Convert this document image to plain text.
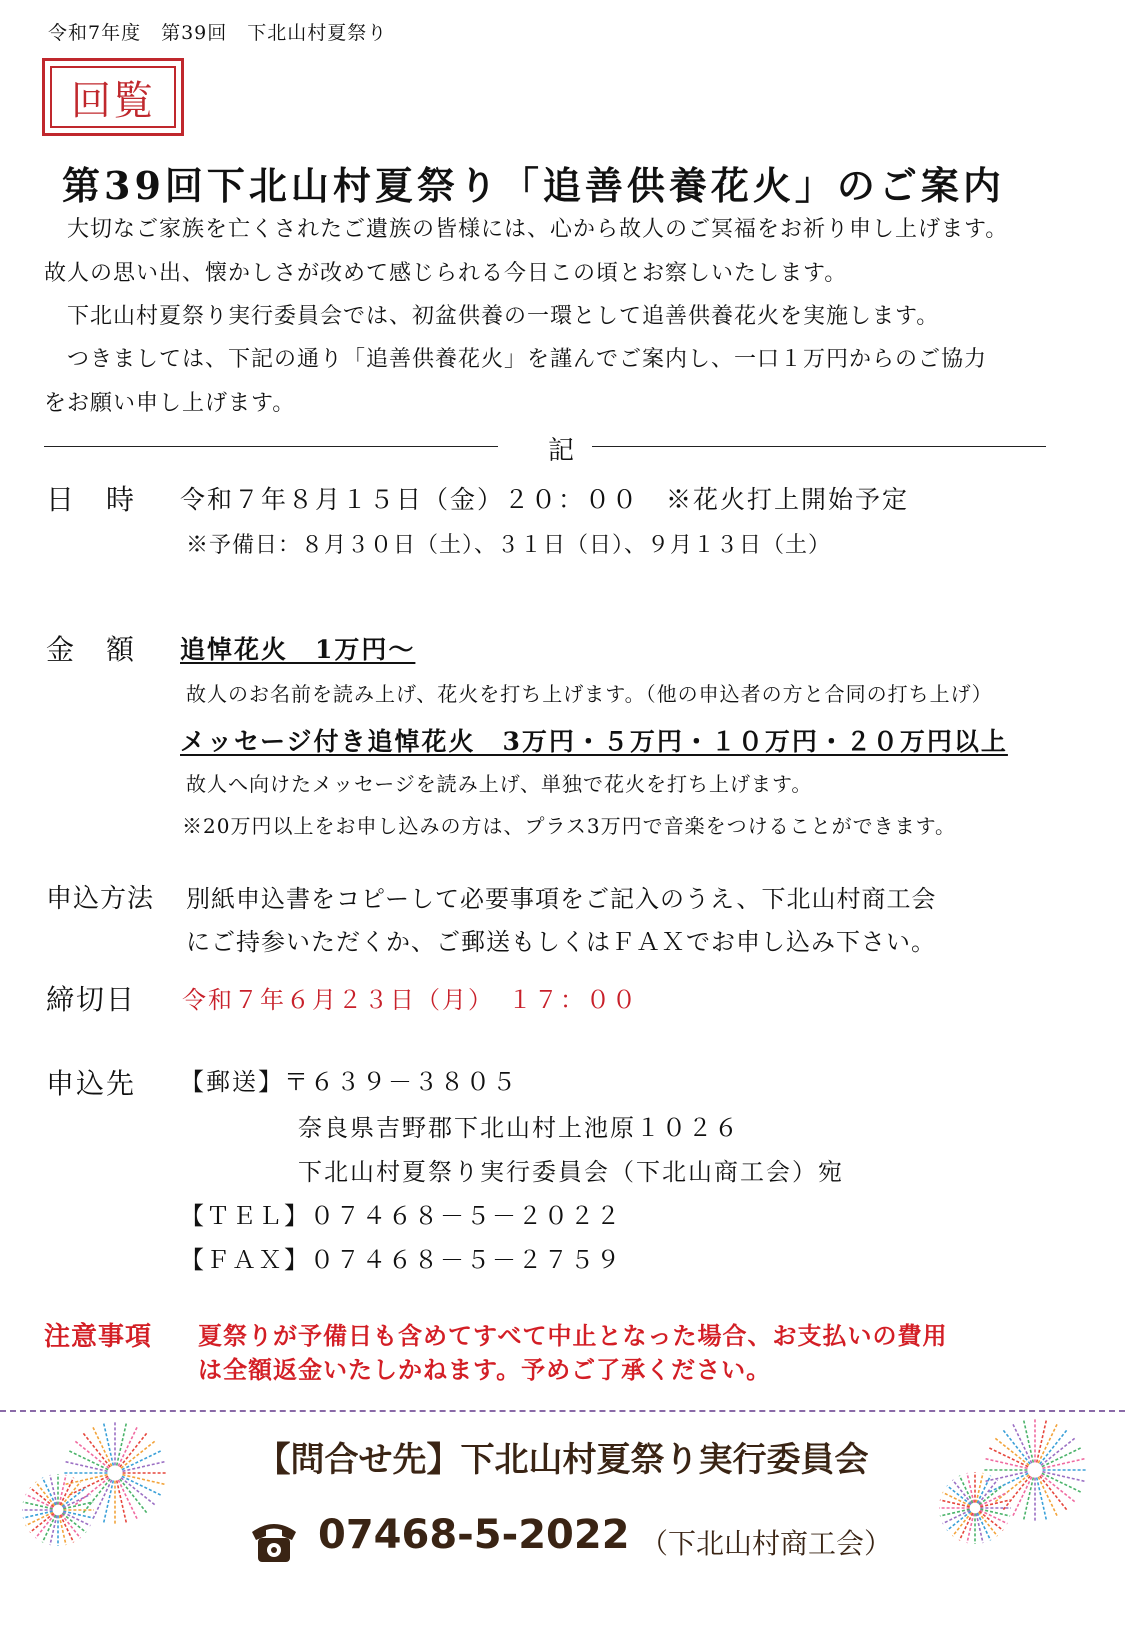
令和7年度　第39回　下北山村夏祭り
回覧
第39回下北山村夏祭り「追善供養花火」のご案内
　大切なご家族を亡くされたご遺族の皆様には、心から故人のご冥福をお祈り申し上げます。
故人の思い出、懐かしさが改めて感じられる今日この頃とお察しいたします。
　下北山村夏祭り実行委員会では、初盆供養の一環として追善供養花火を実施します。
　つきましては、下記の通り「追善供養花火」を謹んでご案内し、一口１万円からのご協力
をお願い申し上げます。
記
日　時 令和７年８月１５日（金）２０：００　※花火打上開始予定
※予備日：８月３０日（土）、３１日（日）、９月１３日（土）
金　額 追悼花火　1万円～
故人のお名前を読み上げ、花火を打ち上げます。（他の申込者の方と合同の打ち上げ）
メッセージ付き追悼花火　3万円・５万円・１０万円・２０万円以上
故人へ向けたメッセージを読み上げ、単独で花火を打ち上げます。
※20万円以上をお申し込みの方は、プラス3万円で音楽をつけることができます。
申込方法 別紙申込書をコピーして必要事項をご記入のうえ、下北山村商工会
にご持参いただくか、ご郵送もしくはＦＡＸでお申し込み下さい。
締切日 令和７年６月２３日（月）　１７：００
申込先 【郵送】〒６３９－３８０５
奈良県吉野郡下北山村上池原１０２６
下北山村夏祭り実行委員会（下北山商工会）宛
【ＴＥＬ】０７４６８－５－２０２２
【ＦＡＸ】０７４６８－５－２７５９
注意事項 夏祭りが予備日も含めてすべて中止となった場合、お支払いの費用
は全額返金いたしかねます。予めご了承ください。
【問合せ先】下北山村夏祭り実行委員会
07468-5-2022 （下北山村商工会）
